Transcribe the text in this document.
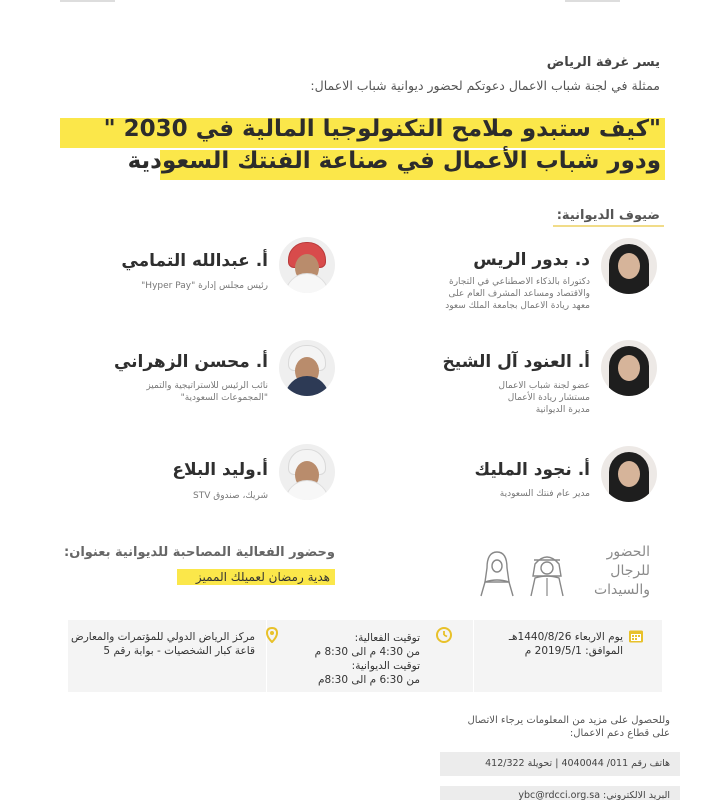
يسر غرفة الرياض
ممثلة في لجنة شباب الاعمال دعوتكم لحضور ديوانية شباب الاعمال:
"كيف ستبدو ملامح التكنولوجيا المالية في 2030 "
ودور شباب الأعمال في صناعة الفنتك السعودية
ضيوف الديوانية:
د. بدور الريس
دكتوراة بالذكاء الاصطناعي في التجارة
والاقتصاد ومساعد المشرف العام على
معهد ريادة الاعمال بجامعة الملك سعود
أ. عبدالله التمامي
رئيس مجلس إدارة "Hyper Pay"
أ. العنود آل الشيخ
عضو لجنة شباب الاعمال
مستشار ريادة الأعمال
مديرة الديوانية
أ. محسن الزهراني
نائب الرئيس للاستراتيجية والتميز
"المجموعات السعودية"
أ. نجود المليك
مدير عام فنتك السعودية
أ.وليد البلاع
شريك، صندوق STV
وحضور الفعالية المصاحبة للديوانية بعنوان:
هدية رمضان لعميلك المميز
الحضور
للرجال
والسيدات
يوم الاربعاء 1440/8/26هـ
الموافق: 2019/5/1 م
توقيت الفعالية:
من 4:30 م الى 8:30 م
توقيت الديوانية:
من 6:30 م الى 8:30م
مركز الرياض الدولي للمؤتمرات والمعارض
قاعة كبار الشخصيات - بوابة رقم 5
وللحصول على مزيد من المعلومات يرجاء الاتصال
على قطاع دعم الاعمال:
هاتف رقم 011/ 4040044 | تحويلة 412/322
البريد الالكتروني: ybc@rdcci.org.sa
